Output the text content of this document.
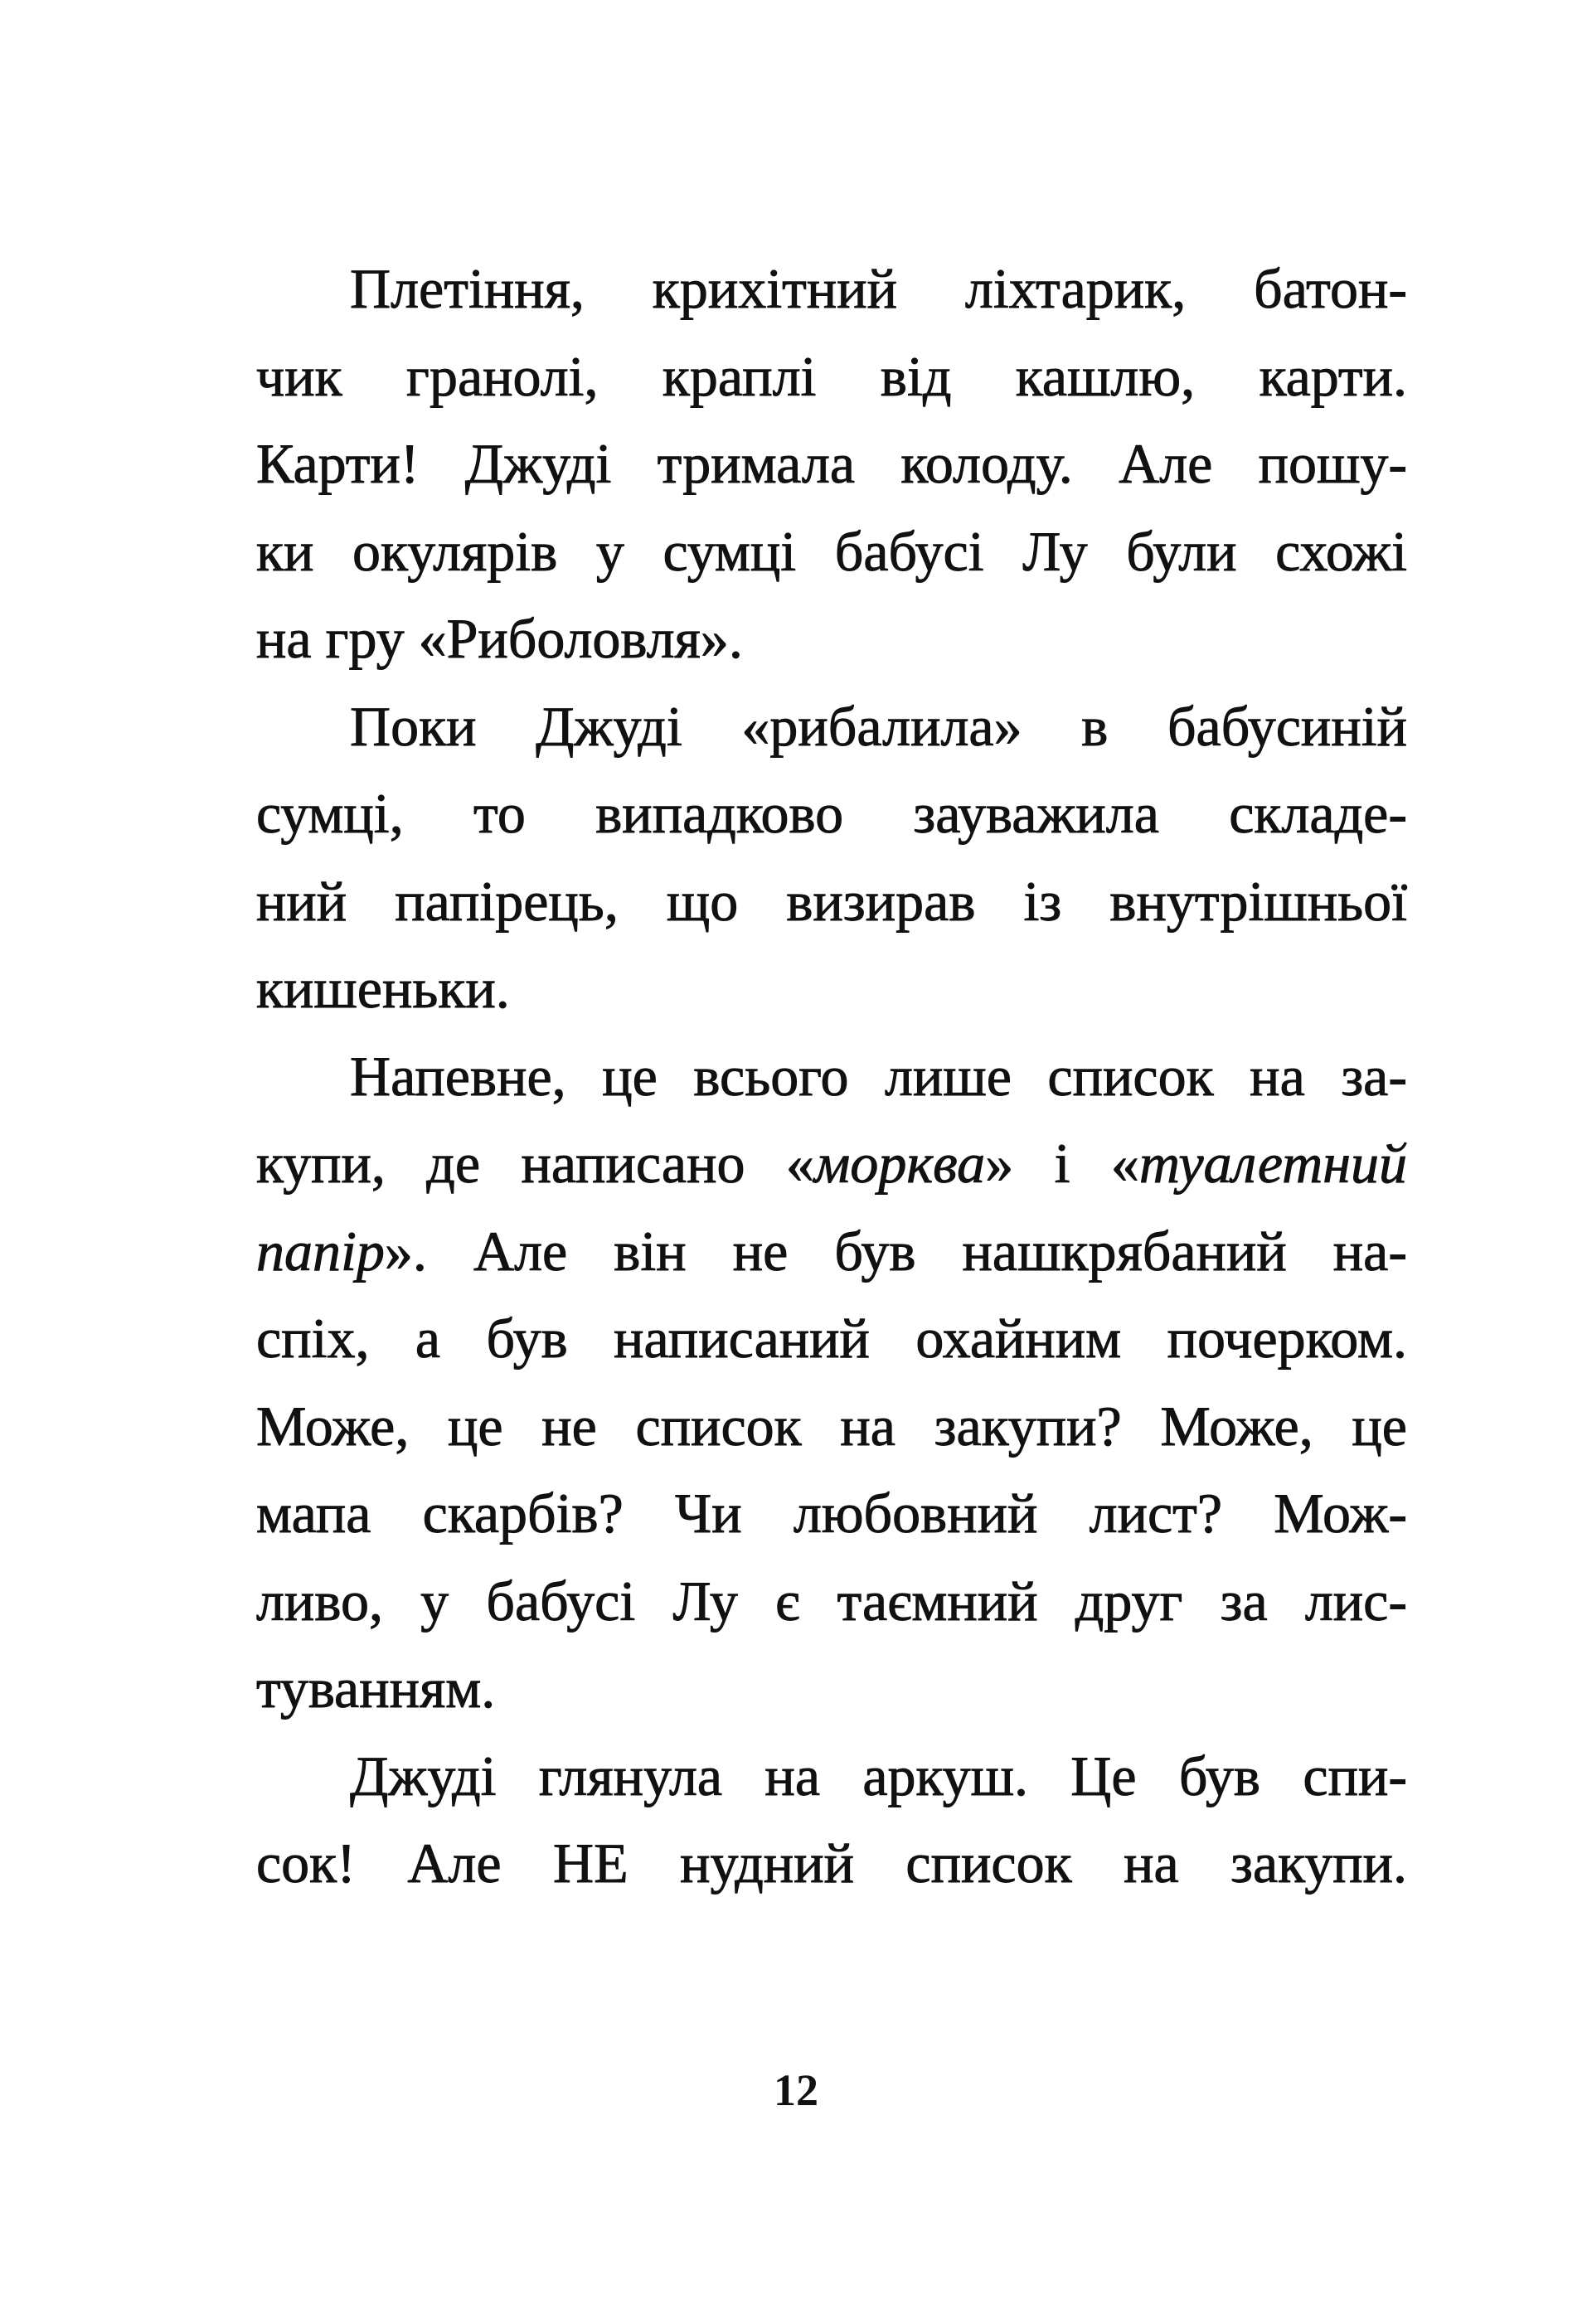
Плетіння, крихітний ліхтарик, батон-
чик гранолі, краплі від кашлю, карти.
Карти! Джуді тримала колоду. Але пошу-
ки окулярів у сумці бабусі Лу були схожі
на гру «Риболовля».
Поки Джуді «рибалила» в бабусиній
сумці, то випадково зауважила складе-
ний папірець, що визирав із внутрішньої
кишеньки.
Напевне, це всього лише список на за-
купи, де написано «морква» і «туалетний
папір». Але він не був нашкрябаний на-
спіх, а був написаний охайним почерком.
Може, це не список на закупи? Може, це
мапа скарбів? Чи любовний лист? Мож-
ливо, у бабусі Лу є таємний друг за лис-
туванням.
Джуді глянула на аркуш. Це був спи-
сок! Але НЕ нудний список на закупи.
12
